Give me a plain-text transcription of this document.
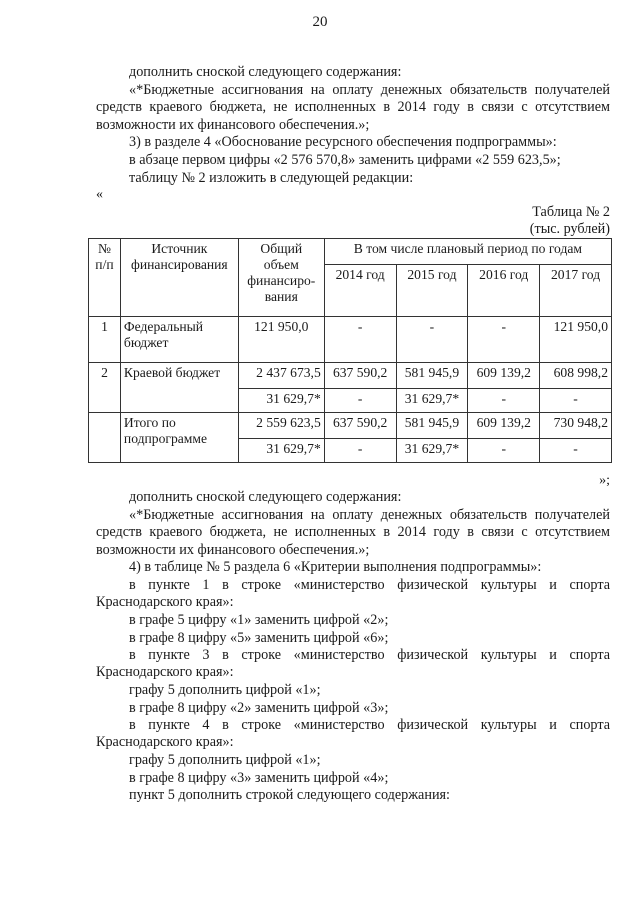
20

дополнить сноской следующего содержания:

«*Бюджетные ассигнования на оплату денежных обязательств получателей средств краевого бюджета, не исполненных в 2014 году в связи с отсутствием возможности их финансового обеспечения.»;

3) в разделе 4 «Обоснование ресурсного обеспечения подпрограммы»:

в абзаце первом цифры «2 576 570,8» заменить цифрами «2 559 623,5»;

таблицу № 2 изложить в следующей редакции:

«
Таблица № 2
(тыс. рублей)
№ п/п	Источник финансирования	Общий объем финансиро-вания	В том числе плановый период по годам			
			2014 год	2015 год	2016 год	2017 год
1	Федеральный бюджет	121 950,0	-	-	-	121 950,0
2	Краевой бюджет	2 437 673,5	637 590,2	581 945,9	609 139,2	608 998,2
		31 629,7*	-	31 629,7*	-	-
	Итого по подпрограмме	2 559 623,5	637 590,2	581 945,9	609 139,2	730 948,2
		31 629,7*	-	31 629,7*	-	-
»;

дополнить сноской следующего содержания:

«*Бюджетные ассигнования на оплату денежных обязательств получателей средств краевого бюджета, не исполненных в 2014 году в связи с отсутствием возможности их финансового обеспечения.»;

4) в таблице № 5 раздела 6 «Критерии выполнения подпрограммы»:

в пункте 1 в строке «министерство физической культуры и спорта Краснодарского края»:

в графе 5 цифру «1» заменить цифрой «2»;

в графе 8 цифру «5» заменить цифрой «6»;

в пункте 3 в строке «министерство физической культуры и спорта Краснодарского края»:

графу 5 дополнить цифрой «1»;

в графе 8 цифру «2» заменить цифрой «3»;

в пункте 4 в строке «министерство физической культуры и спорта Краснодарского края»:

графу 5 дополнить цифрой «1»;

в графе 8 цифру «3» заменить цифрой «4»;

пункт 5 дополнить строкой следующего содержания:
